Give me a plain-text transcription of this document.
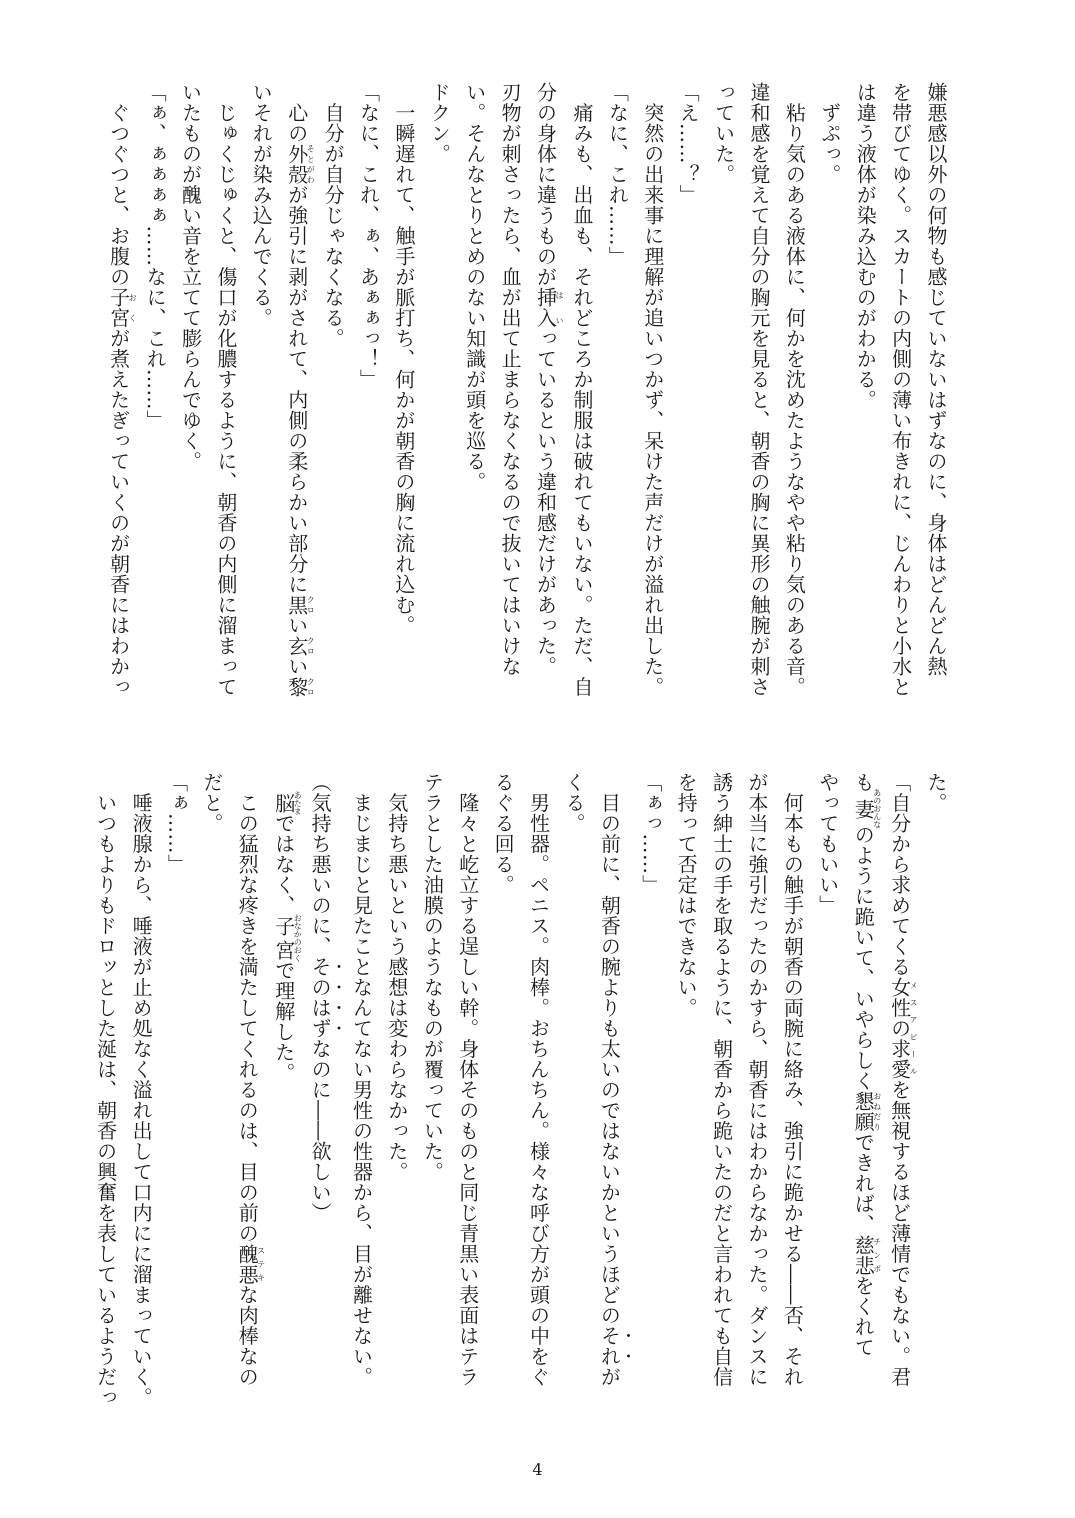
嫌悪感以外の何物も感じていないはずなのに、身体はどんどん熱
を帯びてゆく。スカートの内側の薄い布きれに、じんわりと小水と
は違う液体が染み込むのがわかる。
　ずぷっ。
　粘り気のある液体に、何かを沈めたようなやや粘り気のある音。
違和感を覚えて自分の胸元を見ると、朝香の胸に異形の触腕が刺さ
っていた。
「え……？」
　突然の出来事に理解が追いつかず、呆けた声だけが溢れ出した。
「なに、これ……」
　痛みも、出血も、それどころか制服は破れてもいない。ただ、自
分の身体に違うものが挿入は いっているという違和感だけがあった。
刃物が刺さったら、血が出て止まらなくなるので抜いてはいけな
い。そんなとりとめのない知識が頭を巡る。
ドクン。
　一瞬遅れて、触手が脈打ち、何かが朝香の胸に流れ込む。
「なに、これ、ぁ、あぁぁっ！」
　自分が自分じゃなくなる。
　心の外殻そとがわが強引に剥がされて、内側の柔らかい部分に黒クロい玄クロい黎クロ
いそれが染み込んでくる。
　じゅくじゅくと、傷口が化膿するように、朝香の内側に溜まって
いたものが醜い音を立てて膨らんでゆく。
「ぁ、ぁぁぁぁ……なに、これ……」
　ぐつぐつと、お腹の子宮おくが煮えたぎっていくのが朝香にはわかっ
た。
「自分から求めてくる女性の求愛メスアピールを無視するほど薄情でもない。君
も妻あのおんなのように跪いて、いやらしく懇願おねだりできれば、慈悲チンポをくれて
やってもいい」
　何本もの触手が朝香の両腕に絡み、強引に跪かせる――否、それ
が本当に強引だったのかすら、朝香にはわからなかった。ダンスに
誘う紳士の手を取るように、朝香から跪いたのだと言われても自信
を持って否定はできない。
「ぁっ……」
　目の前に、朝香の腕よりも太いのではないかというほどのそれが
くる。
　男性器。ペニス。肉棒。おちんちん。様々な呼び方が頭の中をぐ
るぐる回る。
　隆々と屹立する逞しい幹。身体そのものと同じ青黒い表面はテラ
テラとした油膜のようなものが覆っていた。
　気持ち悪いという感想は変わらなかった。
　まじまじと見たことなんてない男性の性器から、目が離せない。
（気持ち悪いのに、そのはずなのに――欲しい）
　脳あたまではなく、子宮おなかのおくで理解した。
　この猛烈な疼きを満たしてくれるのは、目の前の醜悪ステキな肉棒なの
だと。
「ぁ……」
　唾液腺から、唾液が止め処なく溢れ出して口内にに溜まっていく。
　いつもよりもドロッとした涎は、朝香の興奮を表しているようだっ
4
